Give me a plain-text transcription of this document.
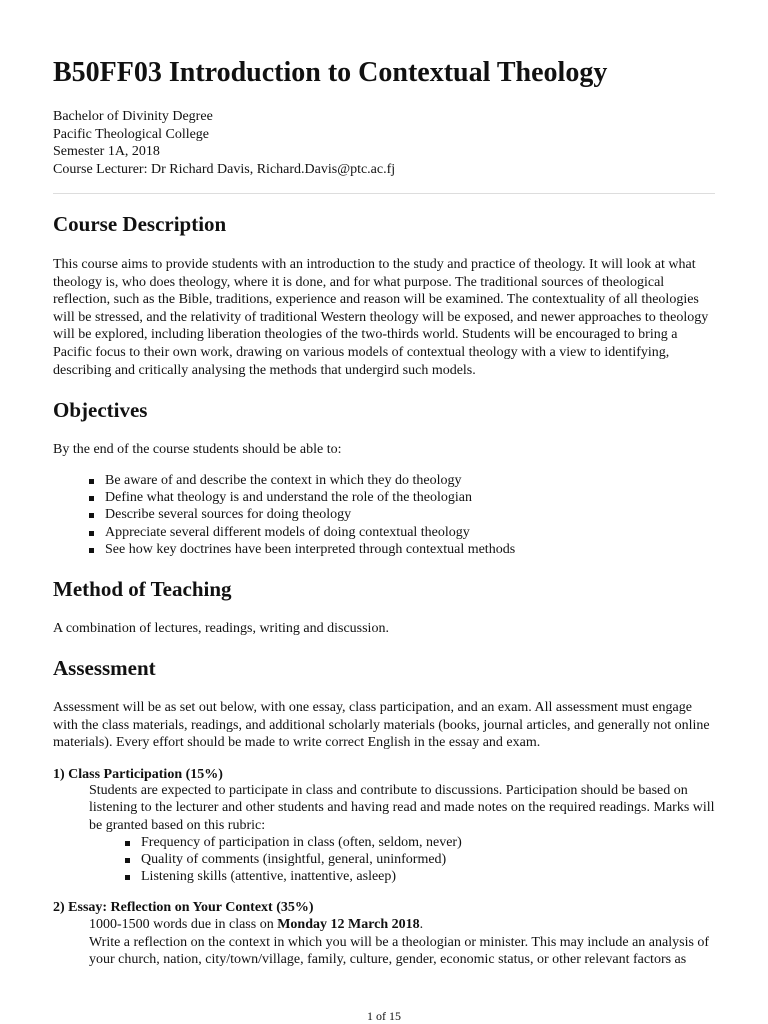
B50FF03 Introduction to Contextual Theology
Bachelor of Divinity Degree
Pacific Theological College
Semester 1A, 2018
Course Lecturer: Dr Richard Davis, Richard.Davis@ptc.ac.fj
Course Description

This course aims to provide students with an introduction to the study and practice of theology. It will look at what theology is, who does theology, where it is done, and for what purpose. The traditional sources of theological reflection, such as the Bible, traditions, experience and reason will be examined. The contextuality of all theologies will be stressed, and the relativity of traditional Western theology will be exposed, and newer approaches to theology will be explored, including liberation theologies of the two-thirds world. Students will be encouraged to bring a Pacific focus to their own work, drawing on various models of contextual theology with a view to identifying, describing and critically analysing the methods that undergird such models.

Objectives

By the end of the course students should be able to:

Be aware of and describe the context in which they do theology
Define what theology is and understand the role of the theologian
Describe several sources for doing theology
Appreciate several different models of doing contextual theology
See how key doctrines have been interpreted through contextual methods
Method of Teaching

A combination of lectures, readings, writing and discussion.

Assessment

Assessment will be as set out below, with one essay, class participation, and an exam. All assessment must engage with the class materials, readings, and additional scholarly materials (books, journal articles, and generally not online materials). Every effort should be made to write correct English in the essay and exam.

1) Class Participation (15%)

Students are expected to participate in class and contribute to discussions. Participation should be based on listening to the lecturer and other students and having read and made notes on the required readings. Marks will be granted based on this rubric:

Frequency of participation in class (often, seldom, never)
Quality of comments (insightful, general, uninformed)
Listening skills (attentive, inattentive, asleep)
2) Essay: Reflection on Your Context (35%)

1000-1500 words due in class on Monday 12 March 2018.

Write a reflection on the context in which you will be a theologian or minister. This may include an analysis of your church, nation, city/town/village, family, culture, gender, economic status, or other relevant factors as

1 of 15
